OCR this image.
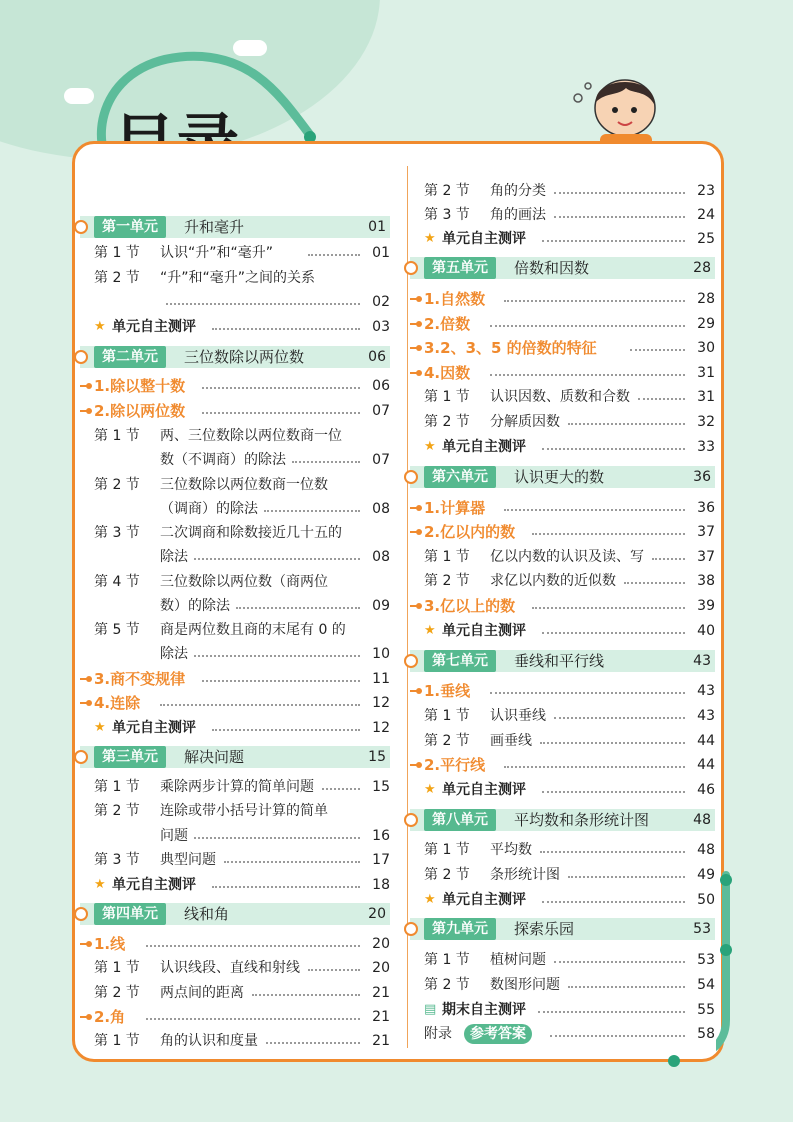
第一单元	升和毫升	01
第 1 节 认识“升”和“毫升”	01
第 2 节 “升”和“毫升”之间的关系
02
★ 单元自主测评	03
第二单元	三位数除以两位数	06
1.除以整十数	06
2.除以两位数	07
第 1 节 两、三位数除以两位数商一位
数（不调商）的除法	07
第 2 节 三位数除以两位数商一位数
（调商）的除法	08
第 3 节 二次调商和除数接近几十五的
除法	08
第 4 节 三位数除以两位数（商两位
数）的除法	09
第 5 节 商是两位数且商的末尾有 0 的
除法	10
3.商不变规律	11
4.连除	12
★ 单元自主测评	12
第三单元	解决问题	15
第 1 节 乘除两步计算的简单问题	15
第 2 节 连除或带小括号计算的简单
问题	16
第 3 节 典型问题	17
★ 单元自主测评	18
第四单元	线和角	20
1.线	20
第 1 节 认识线段、直线和射线	20
第 2 节 两点间的距离	21
2.角	21
第 1 节 角的认识和度量	21
第 2 节 角的分类	23
第 3 节 角的画法	24
★ 单元自主测评	25
第五单元	倍数和因数	28
1.自然数	28
2.倍数	29
3.2、3、5 的倍数的特征	30
4.因数	31
第 1 节 认识因数、质数和合数	31
第 2 节 分解质因数	32
★ 单元自主测评	33
第六单元	认识更大的数	36
1.计算器	36
2.亿以内的数	37
第 1 节 亿以内数的认识及读、写	37
第 2 节 求亿以内数的近似数	38
3.亿以上的数	39
★ 单元自主测评	40
第七单元	垂线和平行线	43
1.垂线	43
第 1 节 认识垂线	43
第 2 节 画垂线	44
2.平行线	44
★ 单元自主测评	46
第八单元	平均数和条形统计图	48
第 1 节 平均数	48
第 2 节 条形统计图	49
★ 单元自主测评	50
第九单元	探索乐园	53
第 1 节 植树问题	53
第 2 节 数图形问题	54
▤ 期末自主测评	55
附录	参考答案	58
